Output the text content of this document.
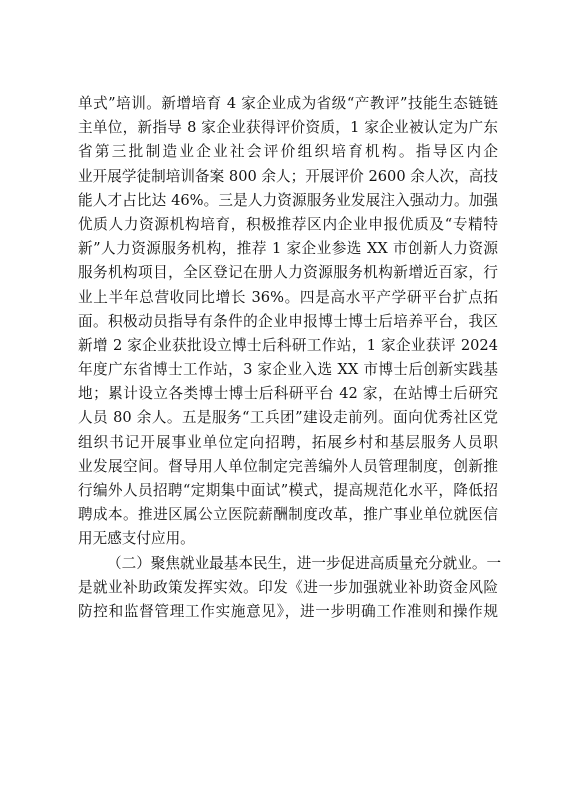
单式”培训。新增培育 4 家企业成为省级“产教评”技能生态链链
主单位，新指导 8 家企业获得评价资质，1 家企业被认定为广东
省第三批制造业企业社会评价组织培育机构。指导区内企
业开展学徒制培训备案 800 余人；开展评价 2600 余人次，高技
能人才占比达 46%。三是人力资源服务业发展注入强动力。加强
优质人力资源机构培育，积极推荐区内企业申报优质及“专精特
新”人力资源服务机构，推荐 1 家企业参选 XX 市创新人力资源
服务机构项目，全区登记在册人力资源服务机构新增近百家，行
业上半年总营收同比增长 36%。四是高水平产学研平台扩点拓
面。积极动员指导有条件的企业申报博士博士后培养平台，我区
新增 2 家企业获批设立博士后科研工作站，1 家企业获评 2024
年度广东省博士工作站，3 家企业入选 XX 市博士后创新实践基
地；累计设立各类博士博士后科研平台 42 家，在站博士后研究
人员 80 余人。五是服务“工兵团”建设走前列。面向优秀社区党
组织书记开展事业单位定向招聘，拓展乡村和基层服务人员职
业发展空间。督导用人单位制定完善编外人员管理制度，创新推
行编外人员招聘“定期集中面试”模式，提高规范化水平，降低招
聘成本。推进区属公立医院薪酬制度改革，推广事业单位就医信
用无感支付应用。
（二）聚焦就业最基本民生，进一步促进高质量充分就业。一
是就业补助政策发挥实效。印发《进一步加强就业补助资金风险
防控和监督管理工作实施意见》，进一步明确工作准则和操作规
